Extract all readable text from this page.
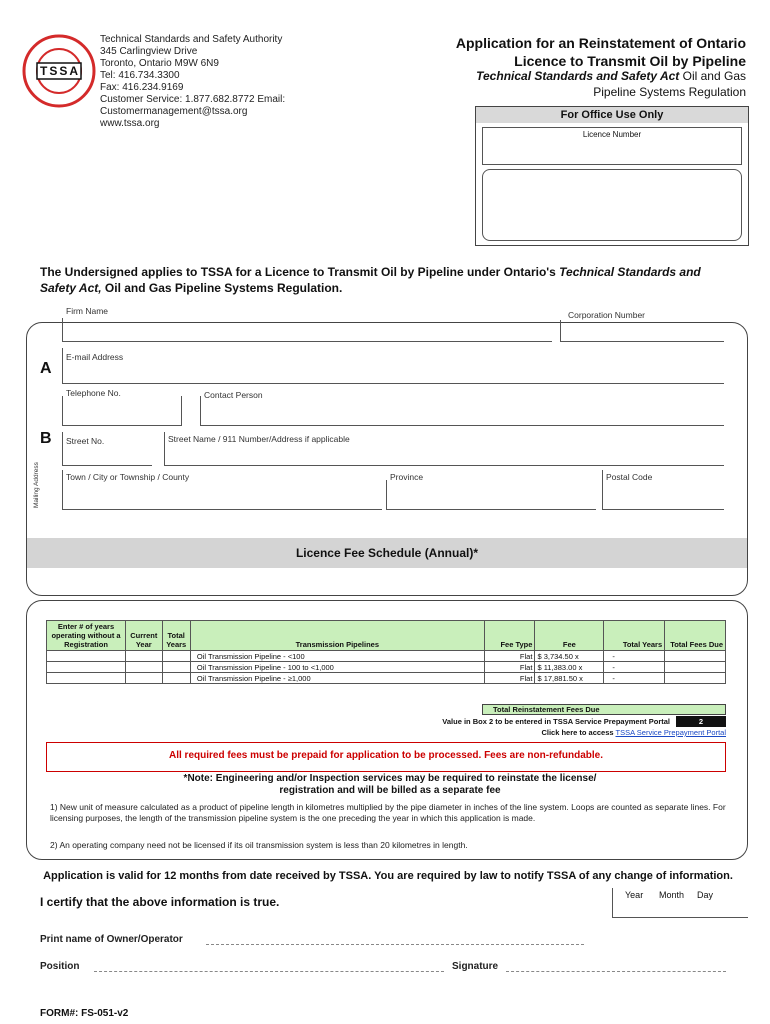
TSSA
Technical Standards and Safety Authority
345 Carlingview Drive
Toronto, Ontario M9W 6N9
Tel: 416.734.3300
Fax: 416.234.9169
Customer Service: 1.877.682.8772 Email:
Customermanagement@tssa.org
www.tssa.org
Application for an Reinstatement of Ontario
Licence to Transmit Oil by Pipeline
Technical Standards and Safety Act Oil and Gas
Pipeline Systems Regulation
For Office Use Only
Licence Number
The Undersigned applies to TSSA for a Licence to Transmit Oil by Pipeline under Ontario's Technical Standards and Safety Act, Oil and Gas Pipeline Systems Regulation.
Firm Name	Corporation Number
A
E-mail Address
Telephone No.	Contact Person
B Street No.	Street Name / 911 Number/Address if applicable
Mailing Address	Town / City or Township / County	Province	Postal Code
Licence Fee Schedule (Annual)*
Enter # of years operating without a Registration	Current Year	Total Years	Transmission Pipelines	Fee Type	Fee	Total Years	Total Fees Due
			Oil Transmission Pipeline - <100	Flat	$ 3,734.50 x	-	
			Oil Transmission Pipeline - 100 to <1,000	Flat	$ 11,383.00 x	-	
			Oil Transmission Pipeline - ≥1,000	Flat	$ 17,881.50 x	-	
Total Reinstatement Fees Due
Value in Box 2 to be entered in TSSA Service Prepayment Portal	2
Click here to access TSSA Service Prepayment Portal
All required fees must be prepaid for application to be processed. Fees are non-refundable.
*Note: Engineering and/or Inspection services may be required to reinstate the license/
registration and will be billed as a separate fee
1) New unit of measure calculated as a product of pipeline length in kilometres multiplied by the pipe diameter in inches of the line system. Loops are counted as separate lines. For licensing purposes, the length of the transmission pipeline system is the one preceding the year in which this application is made.
2) An operating company need not be licensed if its oil transmission system is less than 20 kilometres in length.
Application is valid for 12 months from date received by TSSA. You are required by law to notify TSSA of any change of information.
I certify that the above information is true.	Year Month Day
Print name of Owner/Operator
Position	Signature
FORM#: FS-051-v2
